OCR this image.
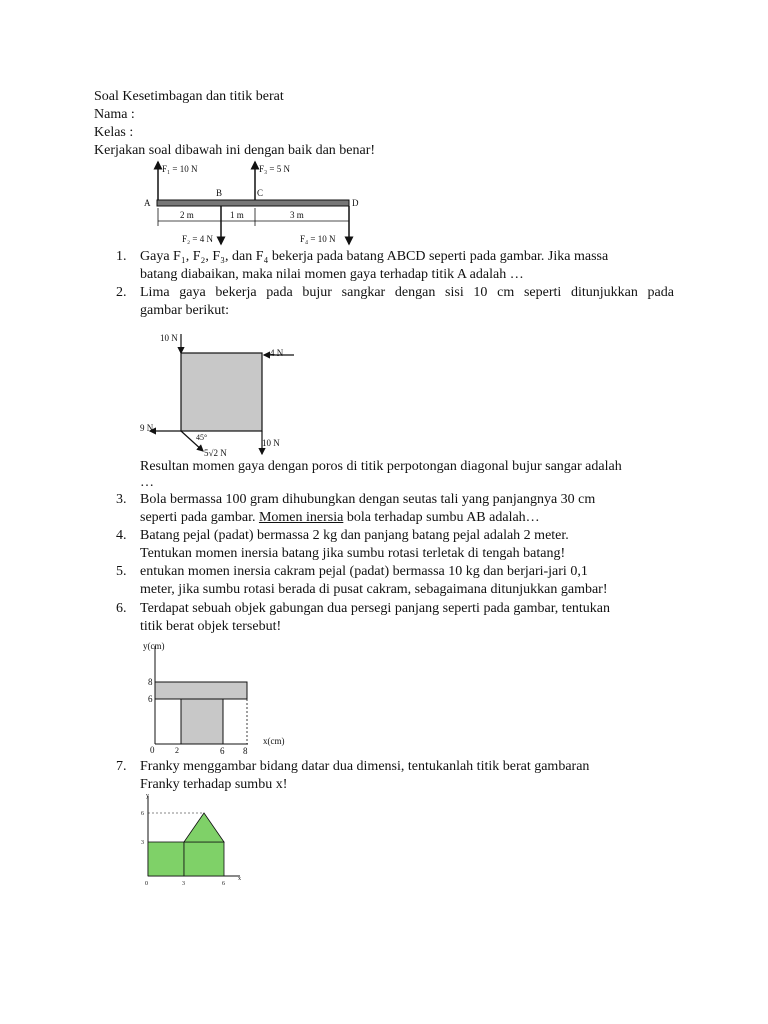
Soal Kesetimbagan dan titik berat
Nama :
Kelas :
Kerjakan soal dibawah ini dengan baik dan benar!
F₁ = 10 N	F₃ = 5 N
F₂ = 4 N	F₄ = 10 N
A
B	C
D
2 m	1 m	3 m
1. Gaya F₁, F₂, F₃, dan F₄ bekerja pada batang ABCD seperti pada gambar. Jika massa
batang diabaikan, maka nilai momen gaya terhadap titik A adalah …
2. Lima gaya bekerja pada bujur sangkar dengan sisi 10 cm seperti ditunjukkan pada
gambar berikut:
10 N
4 N
9 N
45°
5√2 N
10 N
Resultan momen gaya dengan poros di titik perpotongan diagonal bujur sangar adalah
…
3. Bola bermassa 100 gram dihubungkan dengan seutas tali yang panjangnya 30 cm
seperti pada gambar. Momen inersia bola terhadap sumbu AB adalah…
4. Batang pejal (padat) bermassa 2 kg dan panjang batang pejal adalah 2 meter.
Tentukan momen inersia batang jika sumbu rotasi terletak di tengah batang!
5. entukan momen inersia cakram pejal (padat) bermassa 10 kg dan berjari-jari 0,1
meter, jika sumbu rotasi berada di pusat cakram, sebagaimana ditunjukkan gambar!
6. Terdapat sebuah objek gabungan dua persegi panjang seperti pada gambar, tentukan
titik berat objek tersebut!
y(cm)
x(cm)
8
6
0	2	6 8
7. Franky menggambar bidang datar dua dimensi, tentukanlah titik berat gambaran
Franky terhadap sumbu x!
y
x
6
3
0	3	6
